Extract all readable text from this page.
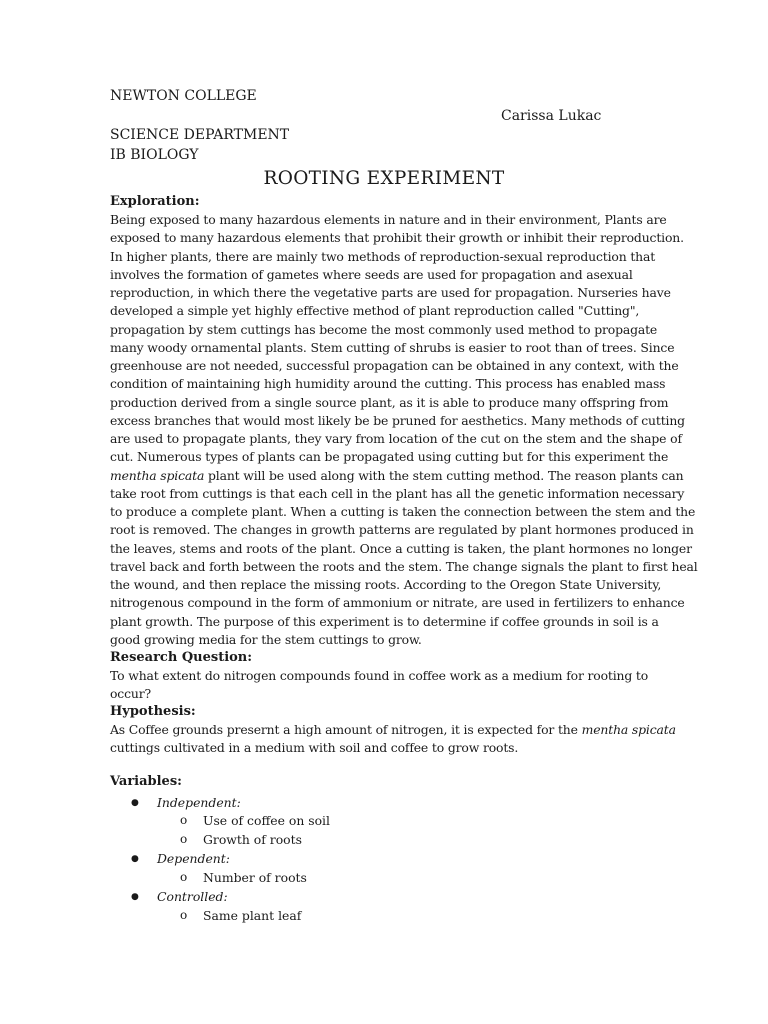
NEWTON COLLEGE
Carissa Lukac
SCIENCE DEPARTMENT
IB BIOLOGY
ROOTING EXPERIMENT
Exploration:
Being exposed to many hazardous elements in nature and in their environment, Plants are
exposed to many hazardous elements that prohibit their growth or inhibit their reproduction.
In higher plants, there are mainly two methods of reproduction-sexual reproduction that
involves the formation of gametes where seeds are used for propagation and asexual
reproduction, in which there the vegetative parts are used for propagation. Nurseries have
developed a simple yet highly effective method of plant reproduction called "Cutting",
propagation by stem cuttings has become the most commonly used method to propagate
many woody ornamental plants. Stem cutting of shrubs is easier to root than of trees. Since
greenhouse are not needed, successful propagation can be obtained in any context, with the
condition of maintaining high humidity around the cutting. This process has enabled mass
production derived from a single source plant, as it is able to produce many offspring from
excess branches that would most likely be be pruned for aesthetics. Many methods of cutting
are used to propagate plants, they vary from location of the cut on the stem and the shape of
cut. Numerous types of plants can be propagated using cutting but for this experiment the
mentha spicata plant will be used along with the stem cutting method. The reason plants can
take root from cuttings is that each cell in the plant has all the genetic information necessary
to produce a complete plant. When a cutting is taken the connection between the stem and the
root is removed. The changes in growth patterns are regulated by plant hormones produced in
the leaves, stems and roots of the plant. Once a cutting is taken, the plant hormones no longer
travel back and forth between the roots and the stem. The change signals the plant to first heal
the wound, and then replace the missing roots. According to the Oregon State University,
nitrogenous compound in the form of ammonium or nitrate, are used in fertilizers to enhance
plant growth. The purpose of this experiment is to determine if coffee grounds in soil is a
good growing media for the stem cuttings to grow.
Research Question:
To what extent do nitrogen compounds found in coffee work as a medium for rooting to
occur?
Hypothesis:
As Coffee grounds presernt a high amount of nitrogen, it is expected for the mentha spicata
cuttings cultivated in a medium with soil and coffee to grow roots.
Variables:
● Independent:
o Use of coffee on soil
o Growth of roots
● Dependent:
o Number of roots
● Controlled:
o Same plant leaf
